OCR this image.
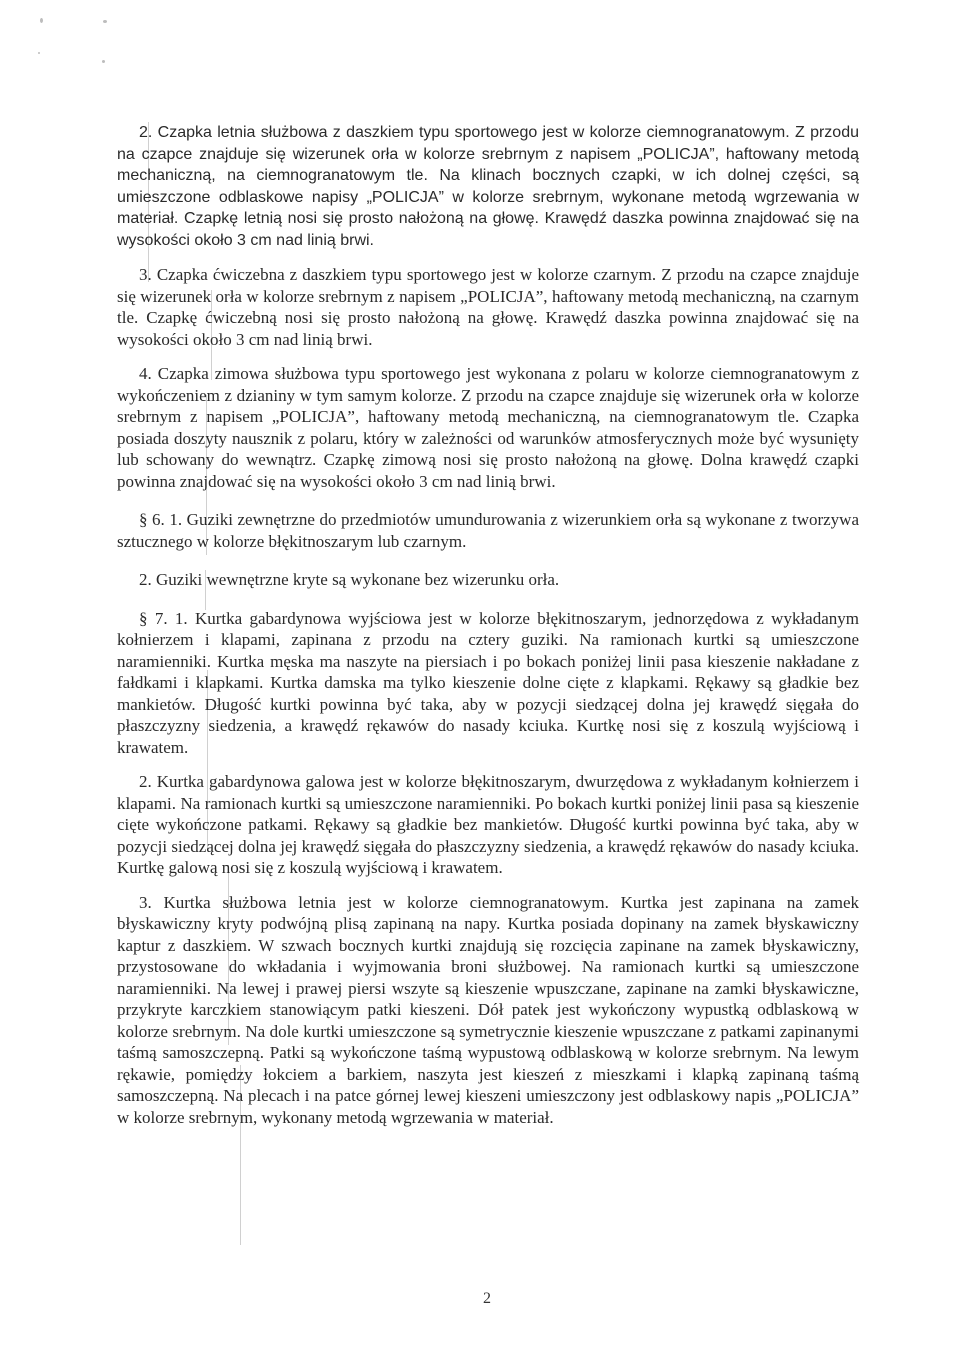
2. Czapka letnia służbowa z daszkiem typu sportowego jest w kolorze ciemnogranatowym. Z przodu na czapce znajduje się wizerunek orła w kolorze srebrnym z napisem „POLICJA”, haftowany metodą mechaniczną, na ciemnogranatowym tle. Na klinach bocznych czapki, w ich dolnej części, są umieszczone odblaskowe napisy „POLICJA” w kolorze srebrnym, wykonane metodą wgrzewania w materiał. Czapkę letnią nosi się prosto nałożoną na głowę. Krawędź daszka powinna znajdować się na wysokości około 3 cm nad linią brwi.

3. Czapka ćwiczebna z daszkiem typu sportowego jest w kolorze czarnym. Z przodu na czapce znajduje się wizerunek orła w kolorze srebrnym z napisem „POLICJA”, haftowany metodą mechaniczną, na czarnym tle. Czapkę ćwiczebną nosi się prosto nałożoną na głowę. Krawędź daszka powinna znajdować się na wysokości około 3 cm nad linią brwi.

4. Czapka zimowa służbowa typu sportowego jest wykonana z polaru w kolorze ciemnogranatowym z wykończeniem z dzianiny w tym samym kolorze. Z przodu na czapce znajduje się wizerunek orła w kolorze srebrnym z napisem „POLICJA”, haftowany metodą mechaniczną, na ciemnogranatowym tle. Czapka posiada doszyty nausznik z polaru, który w zależności od warunków atmosferycznych może być wysunięty lub schowany do wewnątrz. Czapkę zimową nosi się prosto nałożoną na głowę. Dolna krawędź czapki powinna znajdować się na wysokości około 3 cm nad linią brwi.

§ 6. 1. Guziki zewnętrzne do przedmiotów umundurowania z wizerunkiem orła są wykonane z tworzywa sztucznego w kolorze błękitnoszarym lub czarnym.

2. Guziki wewnętrzne kryte są wykonane bez wizerunku orła.

§ 7. 1. Kurtka gabardynowa wyjściowa jest w kolorze błękitnoszarym, jednorzędowa z wykładanym kołnierzem i klapami, zapinana z przodu na cztery guziki. Na ramionach kurtki są umieszczone naramienniki. Kurtka męska ma naszyte na piersiach i po bokach poniżej linii pasa kieszenie nakładane z fałdkami i klapkami. Kurtka damska ma tylko kieszenie dolne cięte z klapkami. Rękawy są gładkie bez mankietów. Długość kurtki powinna być taka, aby w pozycji siedzącej dolna jej krawędź sięgała do płaszczyzny siedzenia, a krawędź rękawów do nasady kciuka. Kurtkę nosi się z koszulą wyjściową i krawatem.

2. Kurtka gabardynowa galowa jest w kolorze błękitnoszarym, dwurzędowa z wykładanym kołnierzem i klapami. Na ramionach kurtki są umieszczone naramienniki. Po bokach kurtki poniżej linii pasa są kieszenie cięte wykończone patkami. Rękawy są gładkie bez mankietów. Długość kurtki powinna być taka, aby w pozycji siedzącej dolna jej krawędź sięgała do płaszczyzny siedzenia, a krawędź rękawów do nasady kciuka. Kurtkę galową nosi się z koszulą wyjściową i krawatem.

3. Kurtka służbowa letnia jest w kolorze ciemnogranatowym. Kurtka jest zapinana na zamek błyskawiczny kryty podwójną plisą zapinaną na napy. Kurtka posiada dopinany na zamek błyskawiczny kaptur z daszkiem. W szwach bocznych kurtki znajdują się rozcięcia zapinane na zamek błyskawiczny, przystosowane do wkładania i wyjmowania broni służbowej. Na ramionach kurtki są umieszczone naramienniki. Na lewej i prawej piersi wszyte są kieszenie wpuszczane, zapinane na zamki błyskawiczne, przykryte karczkiem stanowiącym patki kieszeni. Dół patek jest wykończony wypustką odblaskową w kolorze srebrnym. Na dole kurtki umieszczone są symetrycznie kieszenie wpuszczane z patkami zapinanymi taśmą samoszczepną. Patki są wykończone taśmą wypustową odblaskową w kolorze srebrnym. Na lewym rękawie, pomiędzy łokciem a barkiem, naszyta jest kieszeń z mieszkami i klapką zapinaną taśmą samoszczepną. Na plecach i na patce górnej lewej kieszeni umieszczony jest odblaskowy napis „POLICJA” w kolorze srebrnym, wykonany metodą wgrzewania w materiał.

2
